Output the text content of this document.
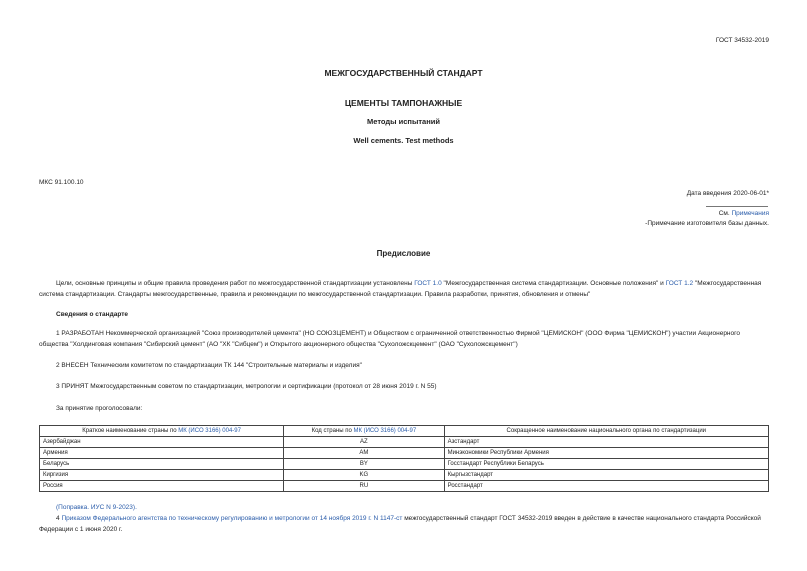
ГОСТ 34532-2019
МЕЖГОСУДАРСТВЕННЫЙ СТАНДАРТ
ЦЕМЕНТЫ ТАМПОНАЖНЫЕ
Методы испытаний
Well cements. Test methods
МКС 91.100.10
Дата введения 2020-06-01*
См. Примечания
-Примечание изготовителя базы данных.
Предисловие
Цели, основные принципы и общие правила проведения работ по межгосударственной стандартизации установлены ГОСТ 1.0 "Межгосударственная система стандартизации. Основные положения" и ГОСТ 1.2 "Межгосударственная система стандартизации. Стандарты межгосударственные, правила и рекомендации по межгосударственной стандартизации. Правила разработки, принятия, обновления и отмены"
Сведения о стандарте
1 РАЗРАБОТАН Некоммерческой организацией "Союз производителей цемента" (НО СОЮЗЦЕМЕНТ) и Обществом с ограниченной ответственностью Фирмой "ЦЕМИСКОН" (ООО Фирма "ЦЕМИСКОН") участии Акционерного общества "Холдинговая компания "Сибирский цемент" (АО "ХК "Сибцем") и Открытого акционерного общества "Сухоложскцемент" (ОАО "Сухоложскцемент")
2 ВНЕСЕН Техническим комитетом по стандартизации ТК 144 "Строительные материалы и изделия"
3 ПРИНЯТ Межгосударственным советом по стандартизации, метрологии и сертификации (протокол от 28 июня 2019 г. N 55)
За принятие проголосовали:
Краткое наименование страны по МК (ИСО 3166) 004-97	Код страны по МК (ИСО 3166) 004-97	Сокращенное наименование национального органа по стандартизации
Азербайджан	AZ	Азстандарт
Армения	AM	Минэкономики Республики Армения
Беларусь	BY	Госстандарт Республики Беларусь
Киргизия	KG	Кыргызстандарт
Россия	RU	Росстандарт
(Поправка. ИУС N 9-2023).
4 Приказом Федерального агентства по техническому регулированию и метрологии от 14 ноября 2019 г. N 1147-ст межгосударственный стандарт ГОСТ 34532-2019 введен в действие в качестве национального стандарта Российской Федерации с 1 июня 2020 г.
